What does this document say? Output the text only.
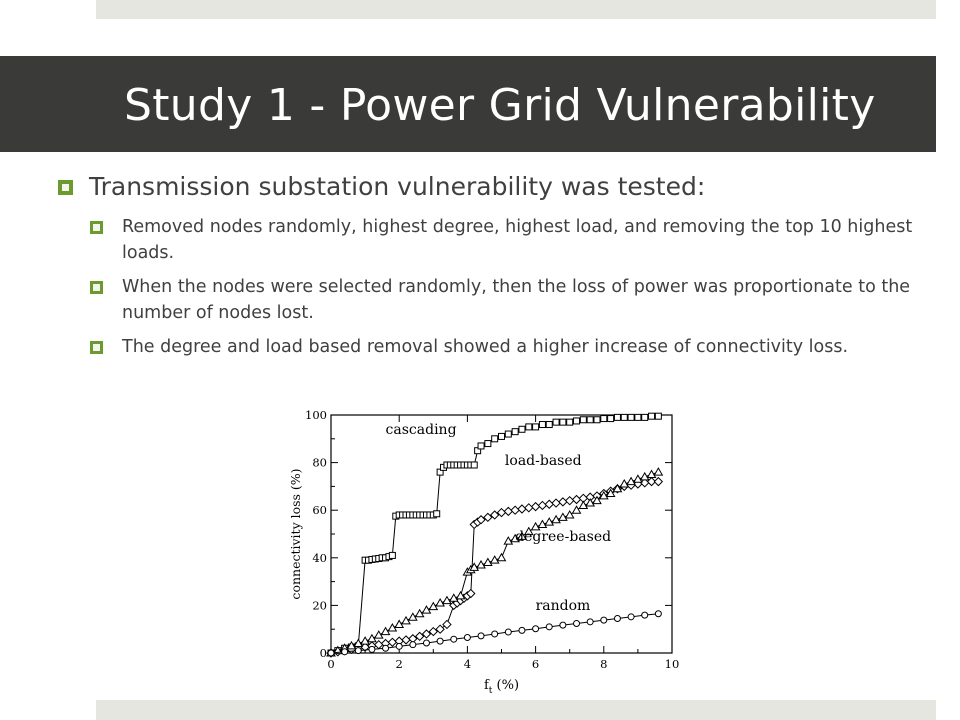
Study 1 - Power Grid Vulnerability
Transmission substation vulnerability was tested:
Removed nodes randomly, highest degree, highest load, and removing the top 10 highest loads.
When the nodes were selected randomly, then the loss of power was proportionate to the number of nodes lost.
The degree and load based removal showed a higher increase of connectivity loss.
0	2	4	6	8	10
0
20
40
60
80
100
$f_t$ (%)
connectivity loss (%)
cascading
load-based
degree-based
random
